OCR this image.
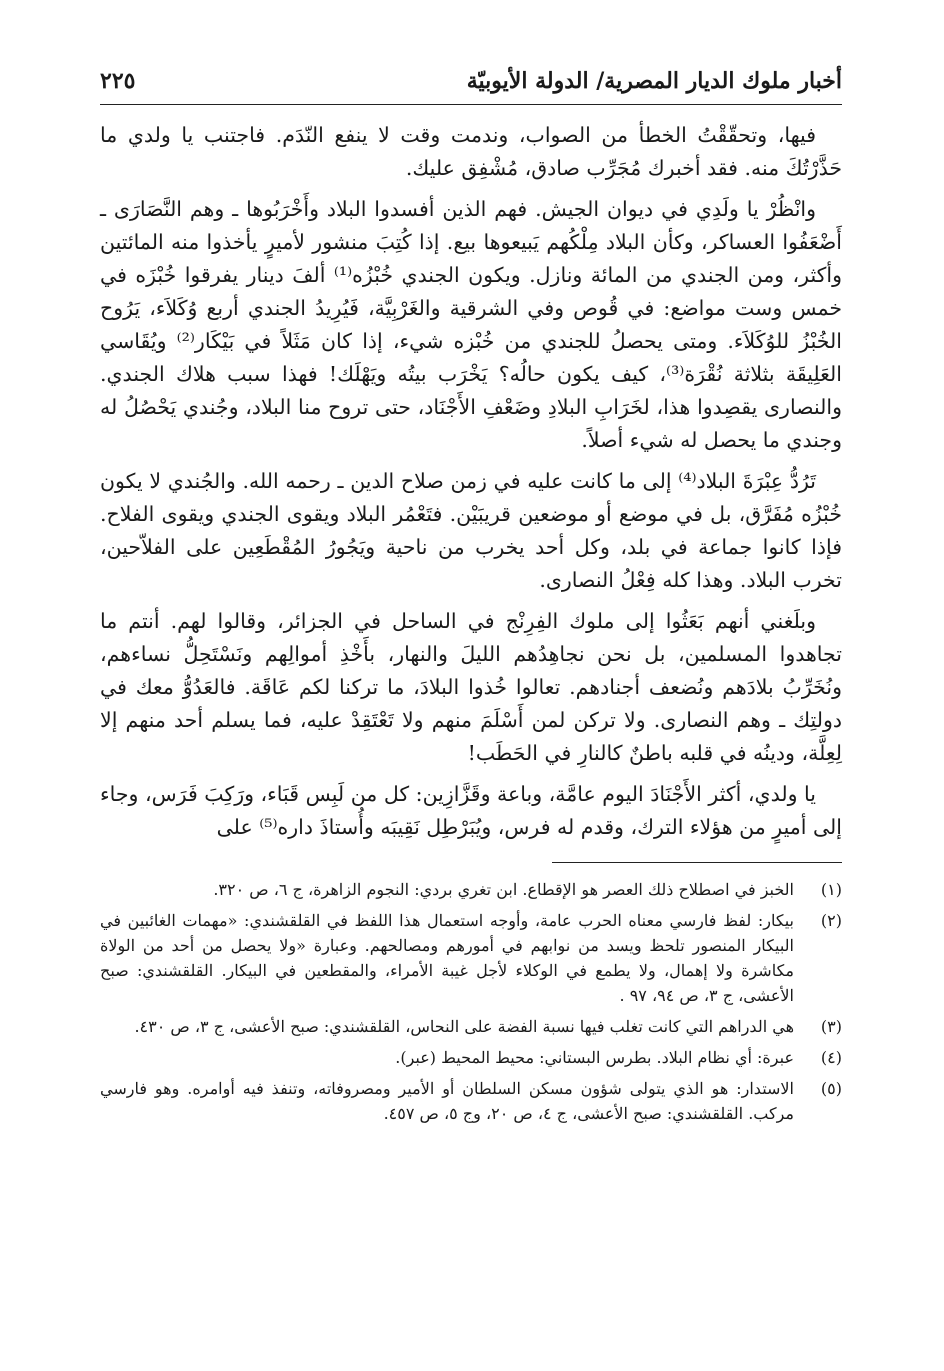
أخبار ملوك الديار المصرية/ الدولة الأيوبيّة
٢٢٥

فيها، وتحقّقْتُ الخطأ من الصواب، وندمت وقت لا ينفع النّدَم. فاجتنب يا ولدي ما حَذَّرْتُكَ منه. فقد أخبرك مُجَرِّب صادق، مُشْفِق عليك.

وانْظُرْ يا ولَدِي في ديوان الجيش. فهم الذين أفسدوا البلاد وأَخْرَبُوها ـ وهم النَّصَارَى ـ أَضْعَفُوا العساكر، وكأن البلاد مِلْكُهم يَبيعوها بيع. إذا كُتِبَ منشور لأميرٍ يأخذوا منه المائتين وأكثر، ومن الجندي من المائة ونازل. ويكون الجندي خُبْزُه⁽¹⁾ ألفَ دينار يفرقوا خُبْزَه في خمس وست مواضع: في قُوص وفي الشرقية والغَرْبِيَّة، فَيُرِيدُ الجندي أربع وُكَلاَء، يَرُوح الخُبْزُ للوُكَلاَء. ومتى يحصلُ للجندي من خُبْزه شيء، إذا كان مَثَلاً في بَيْكَار⁽²⁾ ويُقَاسي العَلِيقَة بثلاثة نُقْرَة⁽³⁾، كيف يكون حالُه؟ يَخْرَب بيتُه ويَهْلَك! فهذا سبب هلاك الجندي. والنصارى يقصِدوا هذا، لخَرَابِ البلادِ وضَعْفِ الأَجْنَاد، حتى تروح منا البلاد، وجُندي يَحْصُلُ له وجندي ما يحصل له شيء أصلاً.

تَرُدُّ عِبْرَةَ البلاد⁽⁴⁾ إلى ما كانت عليه في زمن صلاح الدين ـ رحمه الله. والجُندي لا يكون خُبْزُه مُفَرَّق، بل في موضع أو موضعين قريبَيْن. فتَعْمُر البلاد ويقوى الجندي ويقوى الفلاح. فإذا كانوا جماعة في بلد، وكل أحد يخرب من ناحية ويَجُورُ المُقْطَعِين على الفلاّحين، تخرب البلاد. وهذا كله فِعْلُ النصارى.

وبلَغني أنهم بَعَثُوا إلى ملوك الفِرِنْج في الساحل في الجزائر، وقالوا لهم. أنتم ما تجاهدوا المسلمين، بل نحن نجاهِدُهم الليلَ والنهار، بأَخْذِ أموالِهم ونَسْتَحِلُّ نساءهم، ونُخَرِّبُ بلادَهم ونُضعف أجنادهم. تعالوا خُذوا البلادَ، ما تركنا لكم عَاقَة. فالعَدُوُّ معك في دولتِك ـ وهم النصارى. ولا تركن لمن أَسْلَمَ منهم ولا تَعْتَقِدْ عليه، فما يسلم أحد منهم إلا لِعِلَّة، ودينُه في قلبه باطنٌ كالنارِ في الحَطَب!

يا ولدي، أكثر الأَجْنَادَ اليوم عامَّة، وباعة وقَزَّازِين: كل من لَبِس قَبَاء، ورَكِبَ فَرَس، وجاء إلى أميرٍ من هؤلاء الترك، وقدم له فرس، ويُبَرْطِل نَقِيبَه وأُستاذَ داره⁽⁵⁾ على

(١)
الخبز في اصطلاح ذلك العصر هو الإقطاع. ابن تغري بردي: النجوم الزاهرة، ج ٦، ص ٣٢٠.
(٢)
بيكار: لفظ فارسي معناه الحرب عامة، وأوجه استعمال هذا اللفظ في القلقشندي: «مهمات الغائبين في البيكار المنصور تلحظ ويسد من نوابهم في أمورهم ومصالحهم. وعبارة «ولا يحصل من أحد من الولاة مكاشرة ولا إهمال، ولا يطمع في الوكلاء لأجل غيبة الأمراء، والمقطعين في البيكار. القلقشندي: صبح الأعشى، ج ٣، ص ٩٤، ٩٧ .
(٣)
هي الدراهم التي كانت تغلب فيها نسبة الفضة على النحاس، القلقشندي: صبح الأعشى، ج ٣، ص ٤٣٠.
(٤)
عبرة: أي نظام البلاد. بطرس البستاني: محيط المحيط (عبر).
(٥)
الاستدار: هو الذي يتولى شؤون مسكن السلطان أو الأمير ومصروفاته، وتنفذ فيه أوامره. وهو فارسي مركب. القلقشندي: صبح الأعشى، ج ٤، ص ٢٠، وج ٥، ص ٤٥٧.
